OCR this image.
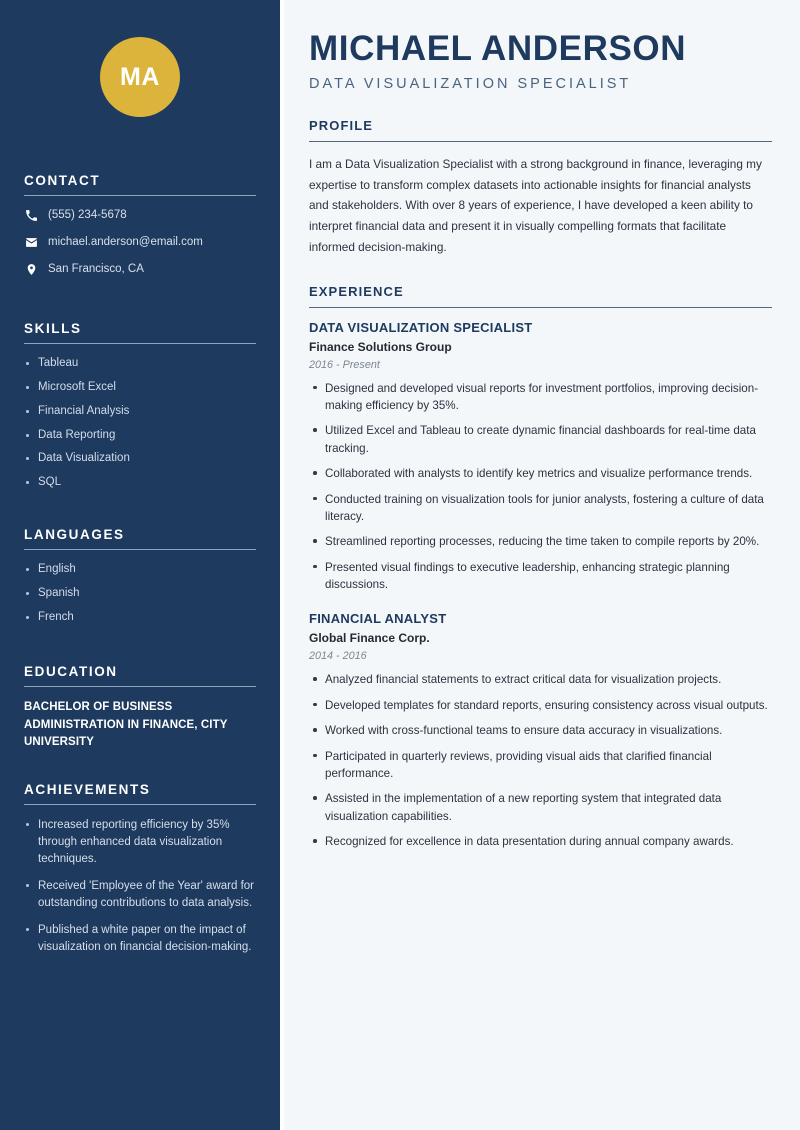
MA
CONTACT
(555) 234-5678
michael.anderson@email.com
San Francisco, CA
SKILLS
Tableau
Microsoft Excel
Financial Analysis
Data Reporting
Data Visualization
SQL
LANGUAGES
English
Spanish
French
EDUCATION
BACHELOR OF BUSINESS ADMINISTRATION IN FINANCE, CITY UNIVERSITY
ACHIEVEMENTS
Increased reporting efficiency by 35% through enhanced data visualization techniques.
Received 'Employee of the Year' award for outstanding contributions to data analysis.
Published a white paper on the impact of visualization on financial decision-making.
MICHAEL ANDERSON
DATA VISUALIZATION SPECIALIST
PROFILE

I am a Data Visualization Specialist with a strong background in finance, leveraging my expertise to transform complex datasets into actionable insights for financial analysts and stakeholders. With over 8 years of experience, I have developed a keen ability to interpret financial data and present it in visually compelling formats that facilitate informed decision-making.

EXPERIENCE
DATA VISUALIZATION SPECIALIST
Finance Solutions Group
2016 - Present
Designed and developed visual reports for investment portfolios, improving decision-making efficiency by 35%.
Utilized Excel and Tableau to create dynamic financial dashboards for real-time data tracking.
Collaborated with analysts to identify key metrics and visualize performance trends.
Conducted training on visualization tools for junior analysts, fostering a culture of data literacy.
Streamlined reporting processes, reducing the time taken to compile reports by 20%.
Presented visual findings to executive leadership, enhancing strategic planning discussions.
FINANCIAL ANALYST
Global Finance Corp.
2014 - 2016
Analyzed financial statements to extract critical data for visualization projects.
Developed templates for standard reports, ensuring consistency across visual outputs.
Worked with cross-functional teams to ensure data accuracy in visualizations.
Participated in quarterly reviews, providing visual aids that clarified financial performance.
Assisted in the implementation of a new reporting system that integrated data visualization capabilities.
Recognized for excellence in data presentation during annual company awards.
